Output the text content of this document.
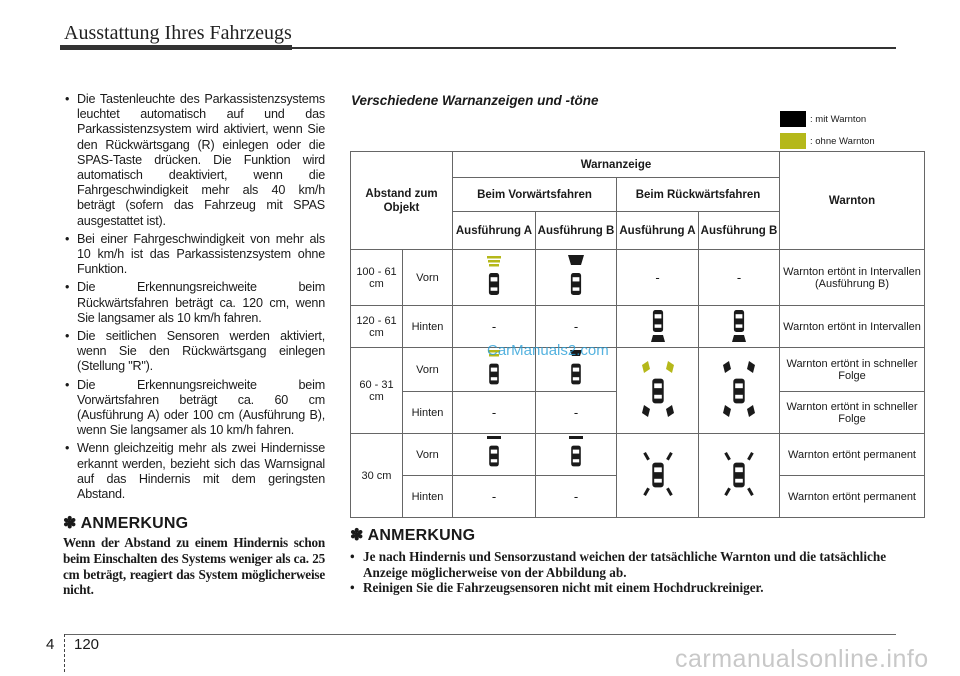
Ausstattung Ihres Fahrzeugs
• Die Tastenleuchte des Parkassistenzsystems leuchtet automatisch auf und das Parkassistenzsystem wird aktiviert, wenn Sie den Rückwärtsgang (R) einlegen oder die SPAS-Taste drücken. Die Funktion wird automatisch deaktiviert, wenn die Fahrgeschwindigkeit mehr als 40 km/h beträgt (sofern das Fahrzeug mit SPAS ausgestattet ist).
• Bei einer Fahrgeschwindigkeit von mehr als 10 km/h ist das Parkassistenzsystem ohne Funktion.
• Die Erkennungsreichweite beim Rückwärtsfahren beträgt ca. 120 cm, wenn Sie langsamer als 10 km/h fahren.
• Die seitlichen Sensoren werden aktiviert, wenn Sie den Rückwärtsgang einlegen (Stellung "R").
• Die Erkennungsreichweite beim Vorwärtsfahren beträgt ca. 60 cm (Ausführung A) oder 100 cm (Ausführung B), wenn Sie langsamer als 10 km/h fahren.
• Wenn gleichzeitig mehr als zwei Hindernisse erkannt werden, bezieht sich das Warnsignal auf das Hindernis mit dem geringsten Abstand.
✽ ANMERKUNG
Wenn der Abstand zu einem Hindernis schon beim Einschalten des Systems weniger als ca. 25 cm beträgt, reagiert das System möglicherweise nicht.
Verschiedene Warnanzeigen und -töne
: mit Warnton
: ohne Warnton
Abstand zum Objekt		Warnanzeige				Warnton
		Beim Vorwärtsfahren		Beim Rückwärtsfahren		
		Ausführung A	Ausführung B	Ausführung A	Ausführung B	
100 - 61 cm	Vorn			-	-	Warnton ertönt in Intervallen (Ausführung B)
120 - 61 cm	Hinten	-	-			Warnton ertönt in Intervallen
60 - 31 cm	Vorn					Warnton ertönt in schneller Folge
	Hinten	-	-			Warnton ertönt in schneller Folge
30 cm	Vorn					Warnton ertönt permanent
	Hinten	-	-			Warnton ertönt permanent
CarManuals2.com
✽ ANMERKUNG
• Je nach Hindernis und Sensorzustand weichen der tatsächliche Warnton und die tatsächliche Anzeige möglicherweise von der Abbildung ab.
• Reinigen Sie die Fahrzeugsensoren nicht mit einem Hochdruckreiniger.
4 120
carmanualsonline.info
